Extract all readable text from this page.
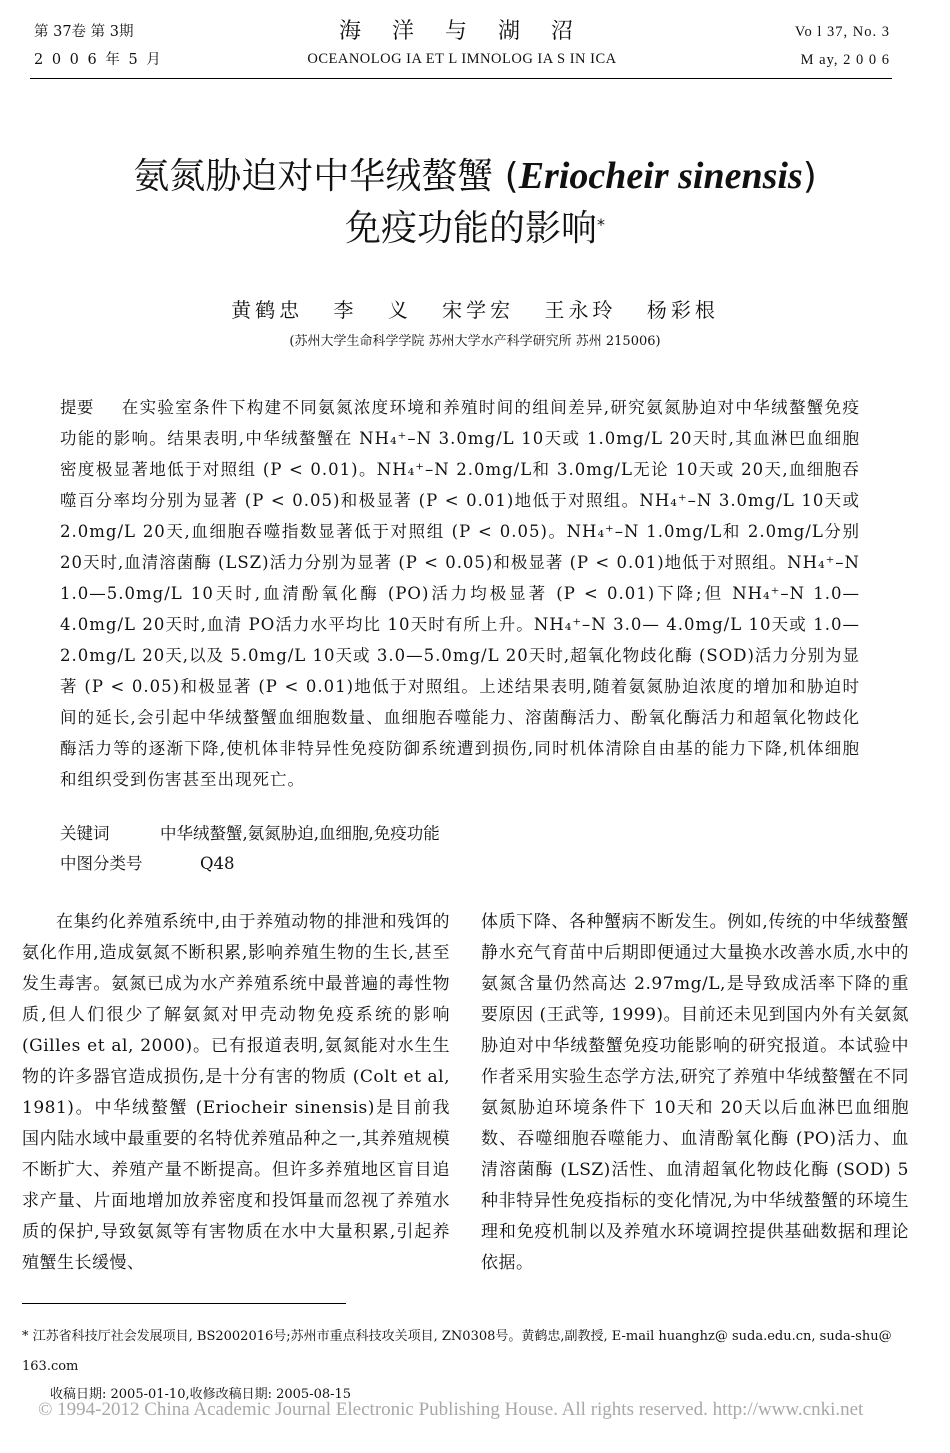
第 37卷 第 3期
2 0 0 6 年 5 月
海 洋 与 湖 沼
OCEANOLOG IA ET L IMNOLOG IA S IN ICA
Vo l 37, No. 3
M ay, 2 0 0 6
氨氮胁迫对中华绒螯蟹 (Eriocheir sinensis)
免疫功能的影响*
黄鹤忠 李 义 宋学宏 王永玲 杨彩根
(苏州大学生命科学学院 苏州大学水产科学研究所 苏州 215006)
提要 在实验室条件下构建不同氨氮浓度环境和养殖时间的组间差异,研究氨氮胁迫对中华绒螯蟹免疫功能的影响。结果表明,中华绒螯蟹在 NH₄⁺–N 3.0mg/L 10天或 1.0mg/L 20天时,其血淋巴血细胞密度极显著地低于对照组 (P < 0.01)。NH₄⁺–N 2.0mg/L和 3.0mg/L无论 10天或 20天,血细胞吞噬百分率均分别为显著 (P < 0.05)和极显著 (P < 0.01)地低于对照组。NH₄⁺–N 3.0mg/L 10天或 2.0mg/L 20天,血细胞吞噬指数显著低于对照组 (P < 0.05)。NH₄⁺–N 1.0mg/L和 2.0mg/L分别 20天时,血清溶菌酶 (LSZ)活力分别为显著 (P < 0.05)和极显著 (P < 0.01)地低于对照组。NH₄⁺–N 1.0—5.0mg/L 10天时,血清酚氧化酶 (PO)活力均极显著 (P < 0.01)下降;但 NH₄⁺–N 1.0— 4.0mg/L 20天时,血清 PO活力水平均比 10天时有所上升。NH₄⁺–N 3.0— 4.0mg/L 10天或 1.0—2.0mg/L 20天,以及 5.0mg/L 10天或 3.0—5.0mg/L 20天时,超氧化物歧化酶 (SOD)活力分别为显著 (P < 0.05)和极显著 (P < 0.01)地低于对照组。上述结果表明,随着氨氮胁迫浓度的增加和胁迫时间的延长,会引起中华绒螯蟹血细胞数量、血细胞吞噬能力、溶菌酶活力、酚氧化酶活力和超氧化物歧化酶活力等的逐渐下降,使机体非特异性免疫防御系统遭到损伤,同时机体清除自由基的能力下降,机体细胞和组织受到伤害甚至出现死亡。
关键词	中华绒螯蟹,氨氮胁迫,血细胞,免疫功能
中图分类号	Q48
在集约化养殖系统中,由于养殖动物的排泄和残饵的氨化作用,造成氨氮不断积累,影响养殖生物的生长,甚至发生毒害。氨氮已成为水产养殖系统中最普遍的毒性物质,但人们很少了解氨氮对甲壳动物免疫系统的影响 (Gilles et al, 2000)。已有报道表明,氨氮能对水生生物的许多器官造成损伤,是十分有害的物质 (Colt et al, 1981)。中华绒螯蟹 (Eriocheir sinensis)是目前我国内陆水域中最重要的名特优养殖品种之一,其养殖规模不断扩大、养殖产量不断提高。但许多养殖地区盲目追求产量、片面地增加放养密度和投饵量而忽视了养殖水质的保护,导致氨氮等有害物质在水中大量积累,引起养殖蟹生长缓慢、
体质下降、各种蟹病不断发生。例如,传统的中华绒螯蟹静水充气育苗中后期即便通过大量换水改善水质,水中的氨氮含量仍然高达 2.97mg/L,是导致成活率下降的重要原因 (王武等, 1999)。目前还未见到国内外有关氨氮胁迫对中华绒螯蟹免疫功能影响的研究报道。本试验中作者采用实验生态学方法,研究了养殖中华绒螯蟹在不同氨氮胁迫环境条件下 10天和 20天以后血淋巴血细胞数、吞噬细胞吞噬能力、血清酚氧化酶 (PO)活力、血清溶菌酶 (LSZ)活性、血清超氧化物歧化酶 (SOD) 5种非特异性免疫指标的变化情况,为中华绒螯蟹的环境生理和免疫机制以及养殖水环境调控提供基础数据和理论依据。
* 江苏省科技厅社会发展项目, BS2002016号;苏州市重点科技攻关项目, ZN0308号。黄鹤忠,副教授, E-mail huanghz@ suda.edu.cn, suda-shu@ 163.com
收稿日期: 2005-01-10,收修改稿日期: 2005-08-15
© 1994-2012 China Academic Journal Electronic Publishing House. All rights reserved. http://www.cnki.net
